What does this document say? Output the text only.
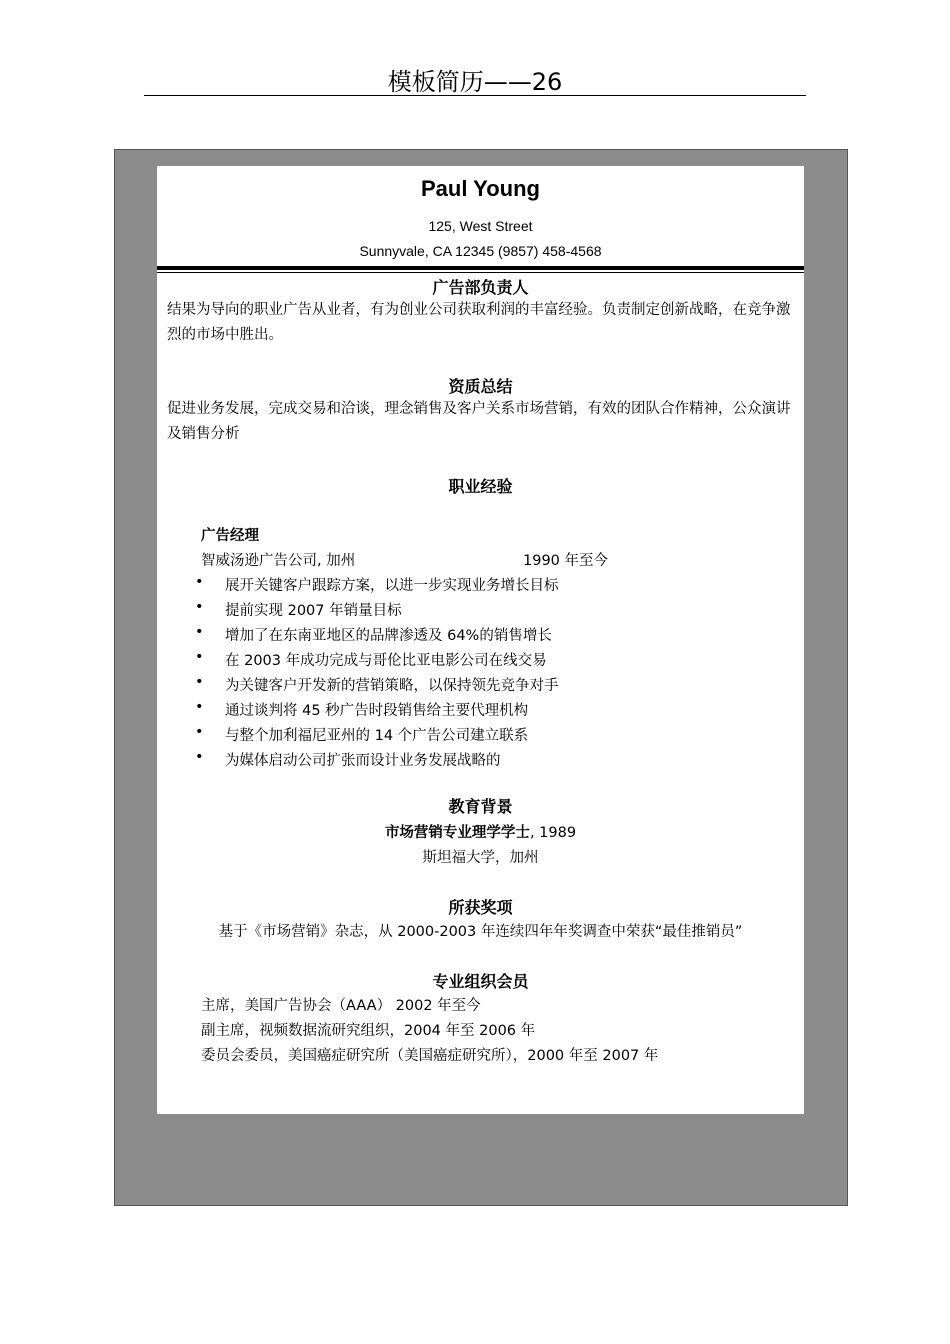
模板简历——26
Paul Young
125, West Street
Sunnyvale, CA 12345 (9857) 458-4568
广告部负责人
结果为导向的职业广告从业者，有为创业公司获取利润的丰富经验。负责制定创新战略，在竞争激烈的市场中胜出。
资质总结
促进业务发展，完成交易和洽谈，理念销售及客户关系市场营销，有效的团队合作精神，公众演讲及销售分析
职业经验
广告经理
智威汤逊广告公司, 加州	1990 年至今
• 展开关键客户跟踪方案，以进一步实现业务增长目标
• 提前实现 2007 年销量目标
• 增加了在东南亚地区的品牌渗透及 64%的销售增长
• 在 2003 年成功完成与哥伦比亚电影公司在线交易
• 为关键客户开发新的营销策略，以保持领先竞争对手
• 通过谈判将 45 秒广告时段销售给主要代理机构
• 与整个加利福尼亚州的 14 个广告公司建立联系
• 为媒体启动公司扩张而设计业务发展战略的
教育背景
市场营销专业理学学士, 1989
斯坦福大学，加州
所获奖项
基于《市场营销》杂志，从 2000-2003 年连续四年年奖调查中荣获“最佳推销员”
专业组织会员
主席，美国广告协会（AAA） 2002 年至今
副主席，视频数据流研究组织，2004 年至 2006 年
委员会委员，美国癌症研究所（美国癌症研究所），2000 年至 2007 年
